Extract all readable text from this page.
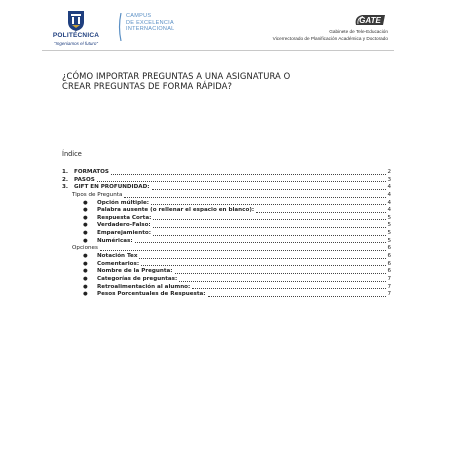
POLITÉCNICA
"Ingeniamos el futuro"
CAMPUS
DE EXCELENCIA
INTERNACIONAL
GATE
Gabinete de Tele-Educación
Vicerrectorado de Planificación Académica y Doctorado
¿CÓMO IMPORTAR PREGUNTAS A UNA ASIGNATURA O
CREAR PREGUNTAS DE FORMA RÁPIDA?
Índice
1.	FORMATOS	2
2.	PASOS	3
3.	GIFT EN PROFUNDIDAD:	4
Tipos de Pregunta	4
●	Opción múltiple:	4
●	Palabra ausente (o rellenar el espacio en blanco):	4
●	Respuesta Corta:	5
●	Verdadero-Falso:	5
●	Emparejamiento:	5
●	Numéricas:	5
Opciones	6
●	Notación Tex	6
●	Comentarios:	6
●	Nombre de la Pregunta:	6
●	Categorías de preguntas:	7
●	Retroalimentación al alumno:	7
●	Pesos Porcentuales de Respuesta:	7
